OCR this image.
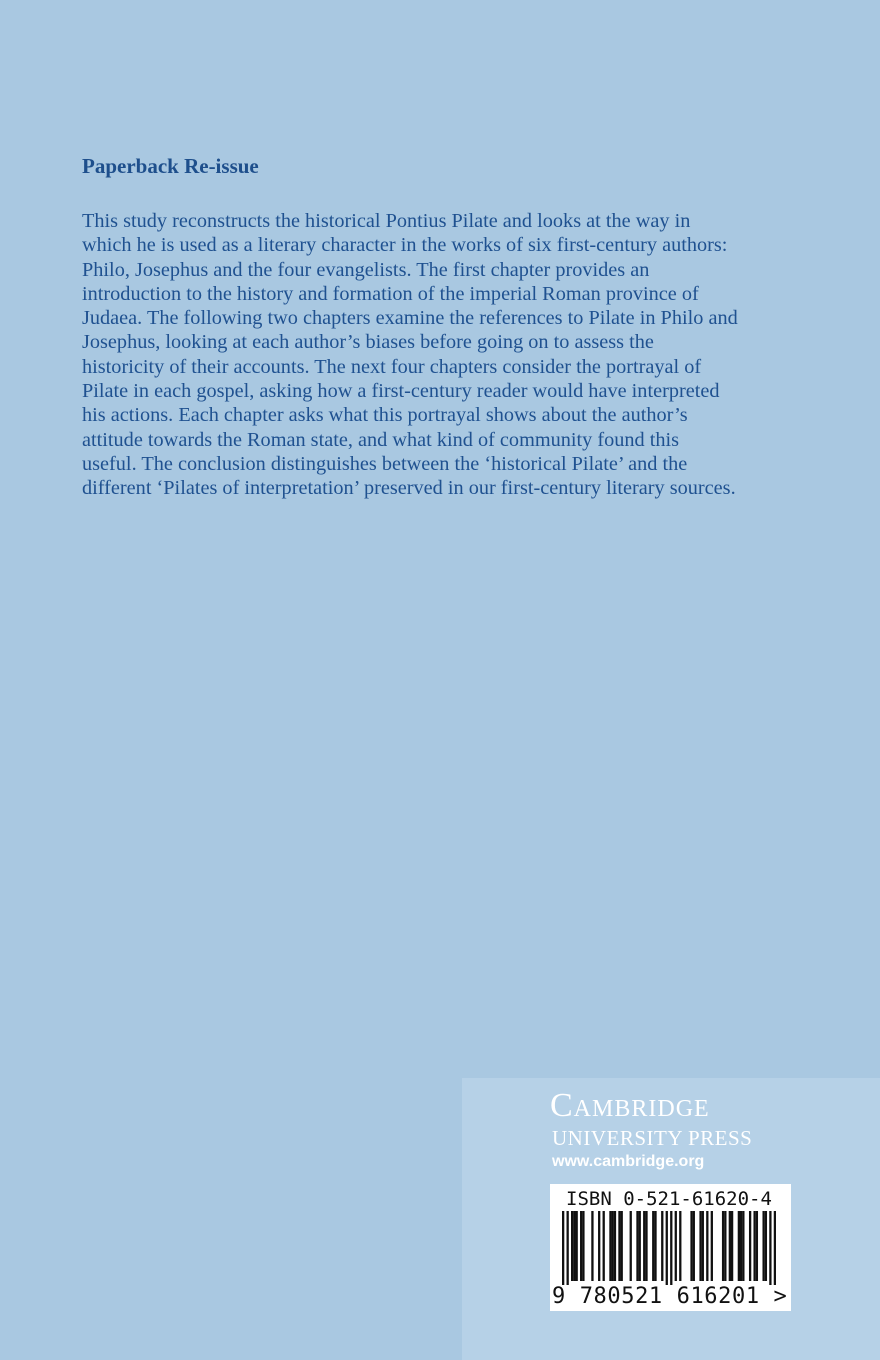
Paperback Re-issue
This study reconstructs the historical Pontius Pilate and looks at the way in
which he is used as a literary character in the works of six first-century authors:
Philo, Josephus and the four evangelists. The first chapter provides an
introduction to the history and formation of the imperial Roman province of
Judaea. The following two chapters examine the references to Pilate in Philo and
Josephus, looking at each author’s biases before going on to assess the
historicity of their accounts. The next four chapters consider the portrayal of
Pilate in each gospel, asking how a first-century reader would have interpreted
his actions. Each chapter asks what this portrayal shows about the author’s
attitude towards the Roman state, and what kind of community found this
useful. The conclusion distinguishes between the ‘historical Pilate’ and the
different ‘Pilates of interpretation’ preserved in our first-century literary sources.
Cambridge
UNIVERSITY PRESS
www.cambridge.org
ISBN 0-521-61620-4
9 780521 616201 >
